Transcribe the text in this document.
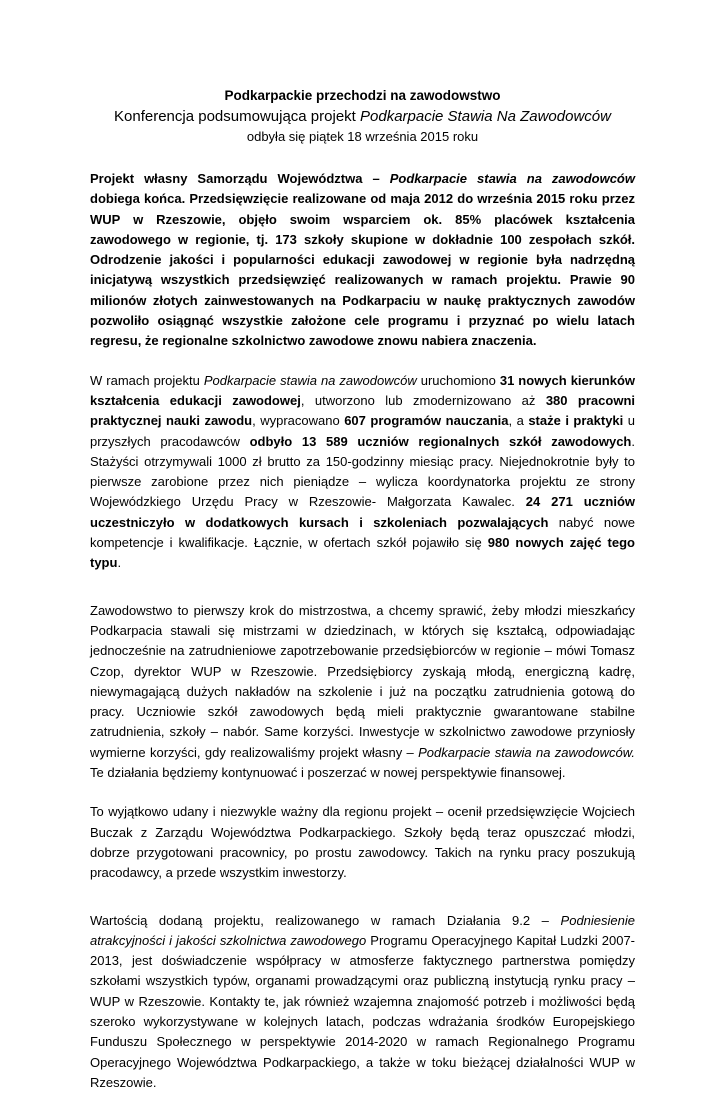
Podkarpackie przechodzi na zawodowstwo
Konferencja podsumowująca projekt Podkarpacie Stawia Na Zawodowców
odbyła się piątek 18 września 2015 roku

Projekt własny Samorządu Województwa – Podkarpacie stawia na zawodowców dobiega końca. Przedsięwzięcie realizowane od maja 2012 do września 2015 roku przez WUP w Rzeszowie, objęło swoim wsparciem ok. 85% placówek kształcenia zawodowego w regionie, tj. 173 szkoły skupione w dokładnie 100 zespołach szkół. Odrodzenie jakości i popularności edukacji zawodowej w regionie była nadrzędną inicjatywą wszystkich przedsięwzięć realizowanych w ramach projektu. Prawie 90 milionów złotych zainwestowanych na Podkarpaciu w naukę praktycznych zawodów pozwoliło osiągnąć wszystkie założone cele programu i przyznać po wielu latach regresu, że regionalne szkolnictwo zawodowe znowu nabiera znaczenia.

W ramach projektu Podkarpacie stawia na zawodowców uruchomiono 31 nowych kierunków kształcenia edukacji zawodowej, utworzono lub zmodernizowano aż 380 pracowni praktycznej nauki zawodu, wypracowano 607 programów nauczania, a staże i praktyki u przyszłych pracodawców odbyło 13 589 uczniów regionalnych szkół zawodowych. Stażyści otrzymywali 1000 zł brutto za 150-godzinny miesiąc pracy. Niejednokrotnie były to pierwsze zarobione przez nich pieniądze – wylicza koordynatorka projektu ze strony Wojewódzkiego Urzędu Pracy w Rzeszowie- Małgorzata Kawalec. 24 271 uczniów uczestniczyło w dodatkowych kursach i szkoleniach pozwalających nabyć nowe kompetencje i kwalifikacje. Łącznie, w ofertach szkół pojawiło się 980 nowych zajęć tego typu.

Zawodowstwo to pierwszy krok do mistrzostwa, a chcemy sprawić, żeby młodzi mieszkańcy Podkarpacia stawali się mistrzami w dziedzinach, w których się kształcą, odpowiadając jednocześnie na zatrudnieniowe zapotrzebowanie przedsiębiorców w regionie – mówi Tomasz Czop, dyrektor WUP w Rzeszowie. Przedsiębiorcy zyskają młodą, energiczną kadrę, niewymagającą dużych nakładów na szkolenie i już na początku zatrudnienia gotową do pracy. Uczniowie szkół zawodowych będą mieli praktycznie gwarantowane stabilne zatrudnienia, szkoły – nabór. Same korzyści. Inwestycje w szkolnictwo zawodowe przyniosły wymierne korzyści, gdy realizowaliśmy projekt własny – Podkarpacie stawia na zawodowców. Te działania będziemy kontynuować i poszerzać w nowej perspektywie finansowej.

To wyjątkowo udany i niezwykle ważny dla regionu projekt – ocenił przedsięwzięcie Wojciech Buczak z Zarządu Województwa Podkarpackiego. Szkoły będą teraz opuszczać młodzi, dobrze przygotowani pracownicy, po prostu zawodowcy. Takich na rynku pracy poszukują pracodawcy, a przede wszystkim inwestorzy.

Wartością dodaną projektu, realizowanego w ramach Działania 9.2 – Podniesienie atrakcyjności i jakości szkolnictwa zawodowego Programu Operacyjnego Kapitał Ludzki 2007-2013, jest doświadczenie współpracy w atmosferze faktycznego partnerstwa pomiędzy szkołami wszystkich typów, organami prowadzącymi oraz publiczną instytucją rynku pracy – WUP w Rzeszowie. Kontakty te, jak również wzajemna znajomość potrzeb i możliwości będą szeroko wykorzystywane w kolejnych latach, podczas wdrażania środków Europejskiego Funduszu Społecznego w perspektywie 2014-2020 w ramach Regionalnego Programu Operacyjnego Województwa Podkarpackiego, a także w toku bieżącej działalności WUP w Rzeszowie.
